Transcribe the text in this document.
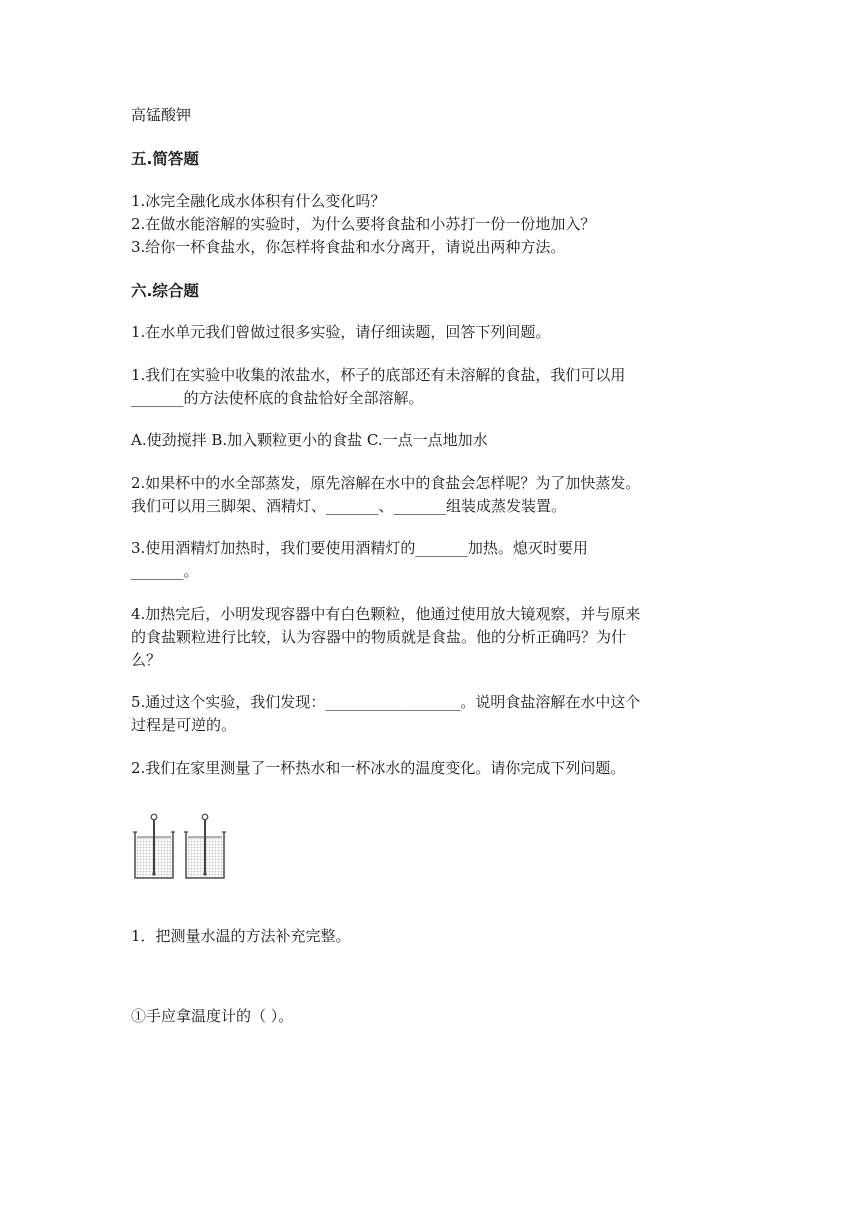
高锰酸钾
五.简答题
1.冰完全融化成水体积有什么变化吗？
2.在做水能溶解的实验时，为什么要将食盐和小苏打一份一份地加入？
3.给你一杯食盐水，你怎样将食盐和水分离开，请说出两种方法。
六.综合题
1.在水单元我们曾做过很多实验，请仔细读题，回答下列间题。
1.我们在实验中收集的浓盐水，杯子的底部还有未溶解的食盐，我们可以用
_______的方法使杯底的食盐恰好全部溶解。
A.使劲搅拌 B.加入颗粒更小的食盐 C.一点一点地加水
2.如果杯中的水全部蒸发，原先溶解在水中的食盐会怎样呢？为了加快蒸发。
我们可以用三脚架、酒精灯、_______、_______组装成蒸发装置。
3.使用酒精灯加热时，我们要使用酒精灯的_______加热。熄灭时要用
_______。
4.加热完后，小明发现容器中有白色颗粒，他通过使用放大镜观察，并与原来
的食盐颗粒进行比较，认为容器中的物质就是食盐。他的分析正确吗？为什
么？
5.通过这个实验，我们发现：__________________。说明食盐溶解在水中这个
过程是可逆的。
2.我们在家里测量了一杯热水和一杯冰水的温度变化。请你完成下列问题。
1．把测量水温的方法补充完整。
①手应拿温度计的（ ）。
